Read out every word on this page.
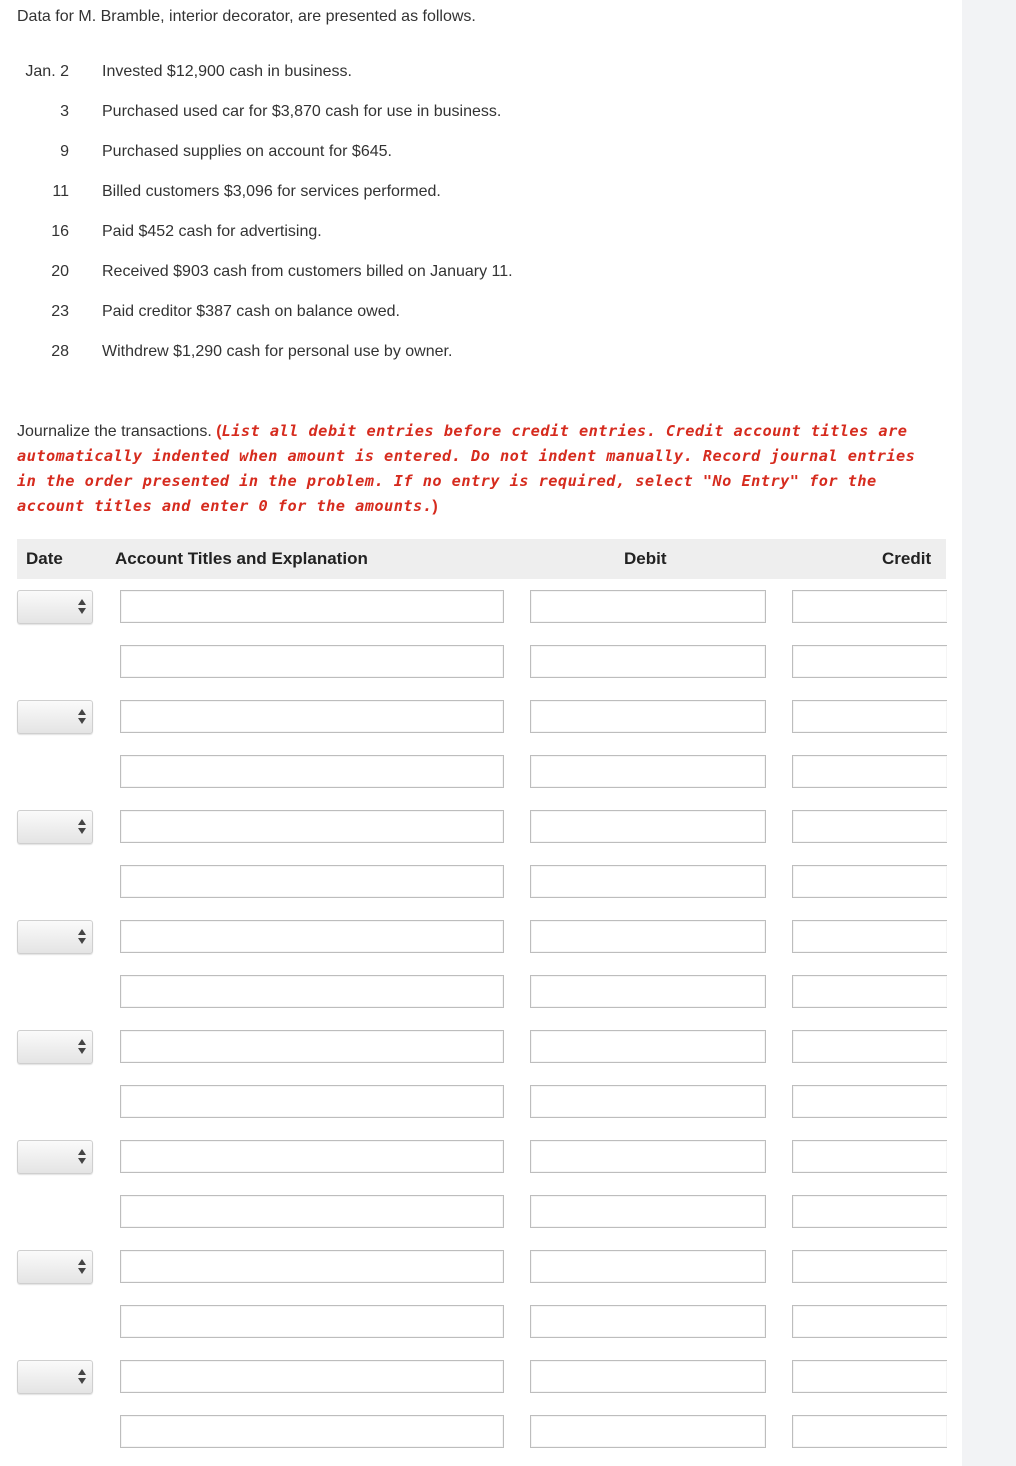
Data for M. Bramble, interior decorator, are presented as follows.
Jan. 2 Invested $12,900 cash in business.
3 Purchased used car for $3,870 cash for use in business.
9 Purchased supplies on account for $645.
11 Billed customers $3,096 for services performed.
16 Paid $452 cash for advertising.
20 Received $903 cash from customers billed on January 11.
23 Paid creditor $387 cash on balance owed.
28 Withdrew $1,290 cash for personal use by owner.
Journalize the transactions. (List all debit entries before credit entries. Credit account titles are automatically indented when amount is entered. Do not indent manually. Record journal entries in the order presented in the problem. If no entry is required, select "No Entry" for the account titles and enter 0 for the amounts.)
Date	Account Titles and Explanation	Debit	Credit
